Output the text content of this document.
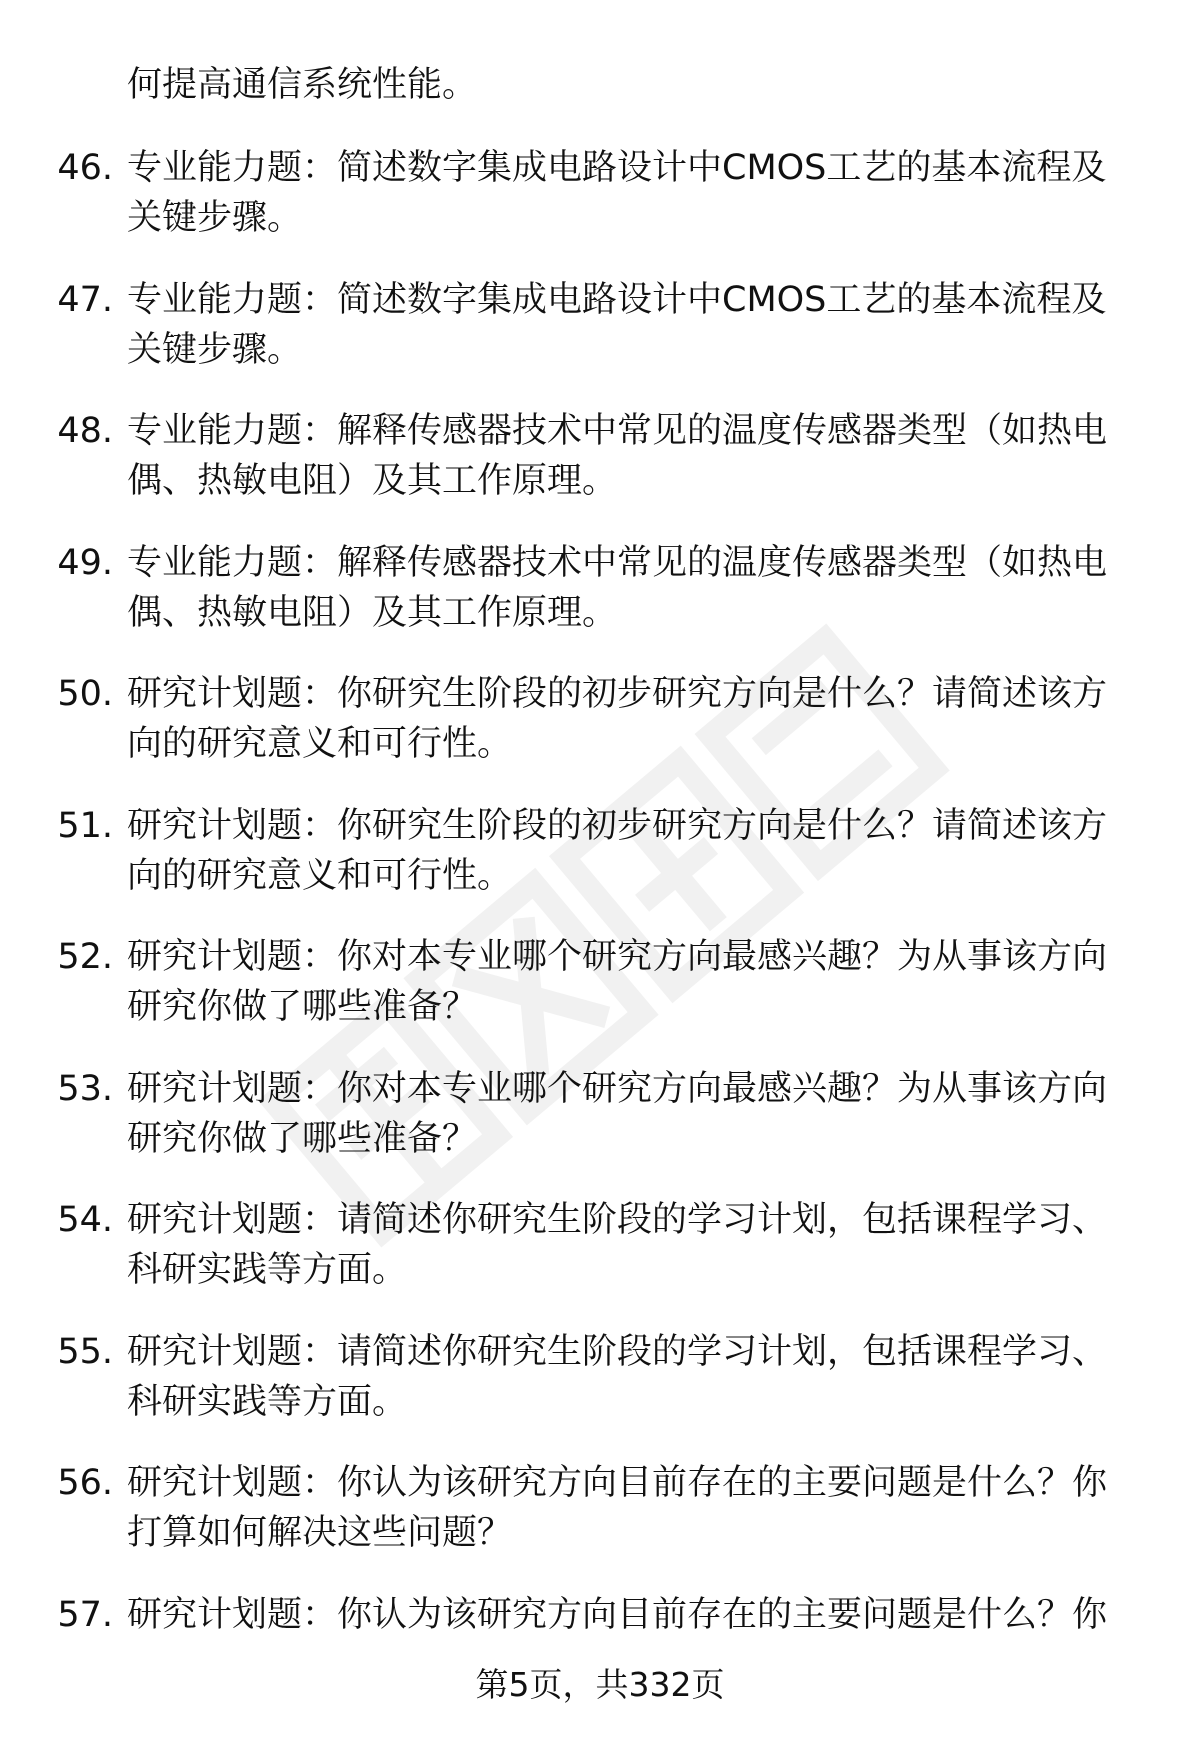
何提高通信系统性能。

46. 专业能力题：简述数字集成电路设计中CMOS工艺的基本流程及关键步骤。
47. 专业能力题：简述数字集成电路设计中CMOS工艺的基本流程及关键步骤。
48. 专业能力题：解释传感器技术中常见的温度传感器类型（如热电偶、热敏电阻）及其工作原理。
49. 专业能力题：解释传感器技术中常见的温度传感器类型（如热电偶、热敏电阻）及其工作原理。
50. 研究计划题：你研究生阶段的初步研究方向是什么？请简述该方向的研究意义和可行性。
51. 研究计划题：你研究生阶段的初步研究方向是什么？请简述该方向的研究意义和可行性。
52. 研究计划题：你对本专业哪个研究方向最感兴趣？为从事该方向研究你做了哪些准备？
53. 研究计划题：你对本专业哪个研究方向最感兴趣？为从事该方向研究你做了哪些准备？
54. 研究计划题：请简述你研究生阶段的学习计划，包括课程学习、科研实践等方面。
55. 研究计划题：请简述你研究生阶段的学习计划，包括课程学习、科研实践等方面。
56. 研究计划题：你认为该研究方向目前存在的主要问题是什么？你打算如何解决这些问题？
57. 研究计划题：你认为该研究方向目前存在的主要问题是什么？你
第5页，共332页
